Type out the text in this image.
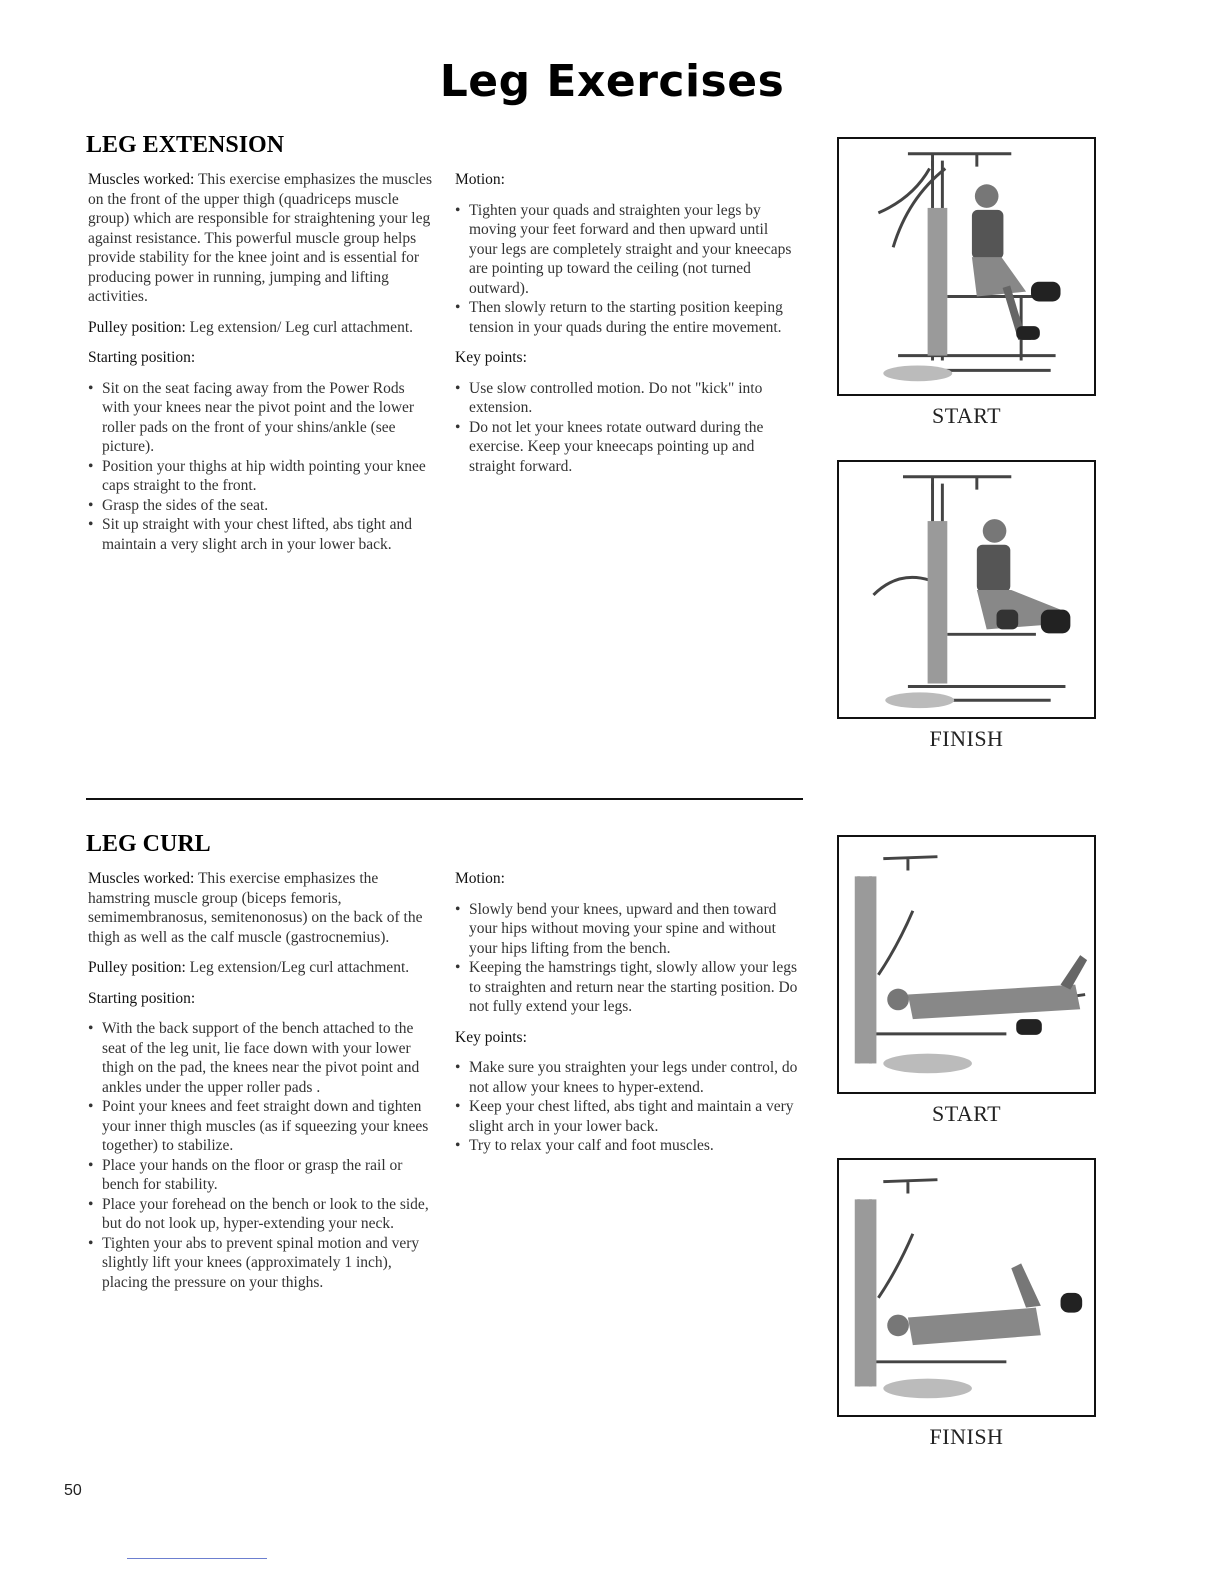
Leg Exercises
LEG EXTENSION

Muscles worked: This exercise emphasizes the muscles on the front of the upper thigh (quadriceps muscle group) which are responsible for straightening your leg against resistance. This powerful muscle group helps provide stability for the knee joint and is essential for producing power in running, jumping and lifting activities.

Pulley position: Leg extension/ Leg curl attachment.

Starting position:

• Sit on the seat facing away from the Power Rods with your knees near the pivot point and the lower roller pads on the front of your shins/ankle (see picture).
• Position your thighs at hip width pointing your knee caps straight to the front.
• Grasp the sides of the seat.
• Sit up straight with your chest lifted, abs tight and maintain a very slight arch in your lower back.

Motion:

• Tighten your quads and straighten your legs by moving your feet forward and then upward until your legs are completely straight and your kneecaps are pointing up toward the ceiling (not turned outward).
• Then slowly return to the starting position keeping tension in your quads during the entire movement.

Key points:

• Use slow controlled motion. Do not "kick" into extension.
• Do not let your knees rotate outward during the exercise. Keep your kneecaps pointing up and straight forward.
START
FINISH
LEG CURL

Muscles worked: This exercise emphasizes the hamstring muscle group (biceps femoris, semimembranosus, semitenonosus) on the back of the thigh as well as the calf muscle (gastrocnemius).

Pulley position: Leg extension/Leg curl attachment.

Starting position:

• With the back support of the bench attached to the seat of the leg unit, lie face down with your lower thigh on the pad, the knees near the pivot point and ankles under the upper roller pads .
• Point your knees and feet straight down and tighten your inner thigh muscles (as if squeezing your knees together) to stabilize.
• Place your hands on the floor or grasp the rail or bench for stability.
• Place your forehead on the bench or look to the side, but do not look up, hyper-extending your neck.
• Tighten your abs to prevent spinal motion and very slightly lift your knees (approximately 1 inch), placing the pressure on your thighs.

Motion:

• Slowly bend your knees, upward and then toward your hips without moving your spine and without your hips lifting from the bench.
• Keeping the hamstrings tight, slowly allow your legs to straighten and return near the starting position. Do not fully extend your legs.

Key points:

• Make sure you straighten your legs under control, do not allow your knees to hyper-extend.
• Keep your chest lifted, abs tight and maintain a very slight arch in your lower back.
• Try to relax your calf and foot muscles.
START
FINISH
50
